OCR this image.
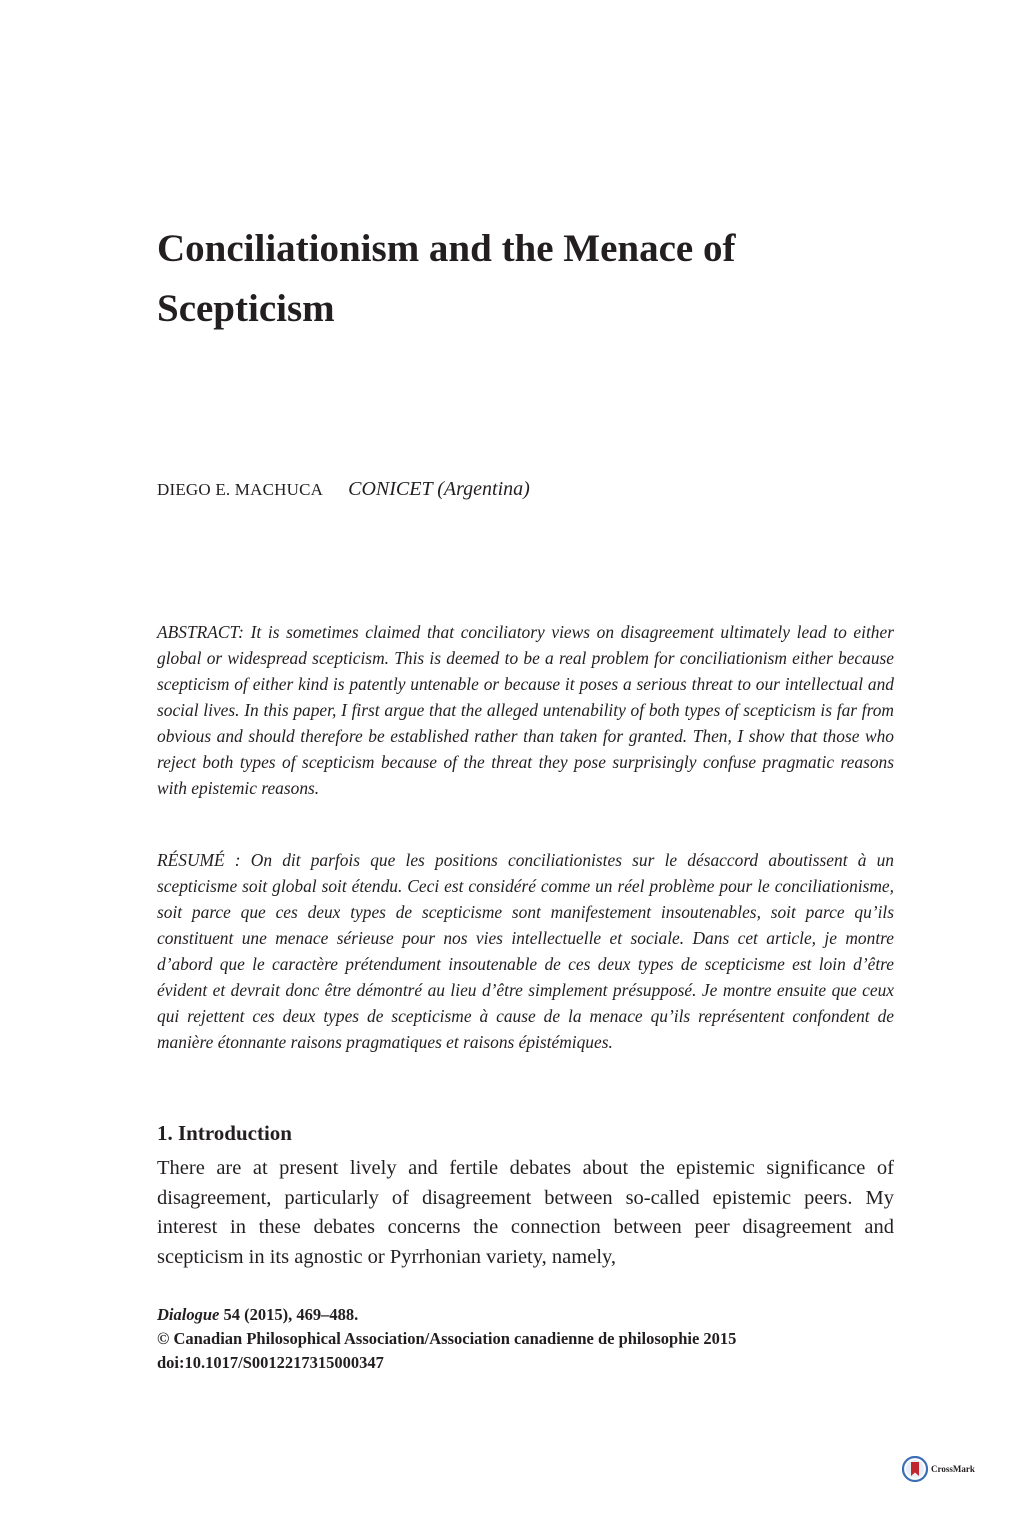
Conciliationism and the Menace of Scepticism
DIEGO E. MACHUCA CONICET (Argentina)

ABSTRACT: It is sometimes claimed that conciliatory views on disagreement ultimately lead to either global or widespread scepticism. This is deemed to be a real problem for conciliationism either because scepticism of either kind is patently untenable or because it poses a serious threat to our intellectual and social lives. In this paper, I first argue that the alleged untenability of both types of scepticism is far from obvious and should therefore be established rather than taken for granted. Then, I show that those who reject both types of scepticism because of the threat they pose surprisingly confuse pragmatic reasons with epistemic reasons.

RÉSUMÉ : On dit parfois que les positions conciliationistes sur le désaccord aboutissent à un scepticisme soit global soit étendu. Ceci est considéré comme un réel problème pour le conciliationisme, soit parce que ces deux types de scepticisme sont manifestement insoutenables, soit parce qu’ils constituent une menace sérieuse pour nos vies intellectuelle et sociale. Dans cet article, je montre d’abord que le caractère prétendument insoutenable de ces deux types de scepticisme est loin d’être évident et devrait donc être démontré au lieu d’être simplement présupposé. Je montre ensuite que ceux qui rejettent ces deux types de scepticisme à cause de la menace qu’ils représentent confondent de manière étonnante raisons pragmatiques et raisons épistémiques.

1. Introduction

There are at present lively and fertile debates about the epistemic significance of disagreement, particularly of disagreement between so-called epistemic peers. My interest in these debates concerns the connection between peer disagreement and scepticism in its agnostic or Pyrrhonian variety, namely,

Dialogue 54 (2015), 469–488.
© Canadian Philosophical Association/Association canadienne de philosophie 2015
doi:10.1017/S0012217315000347
CrossMark
